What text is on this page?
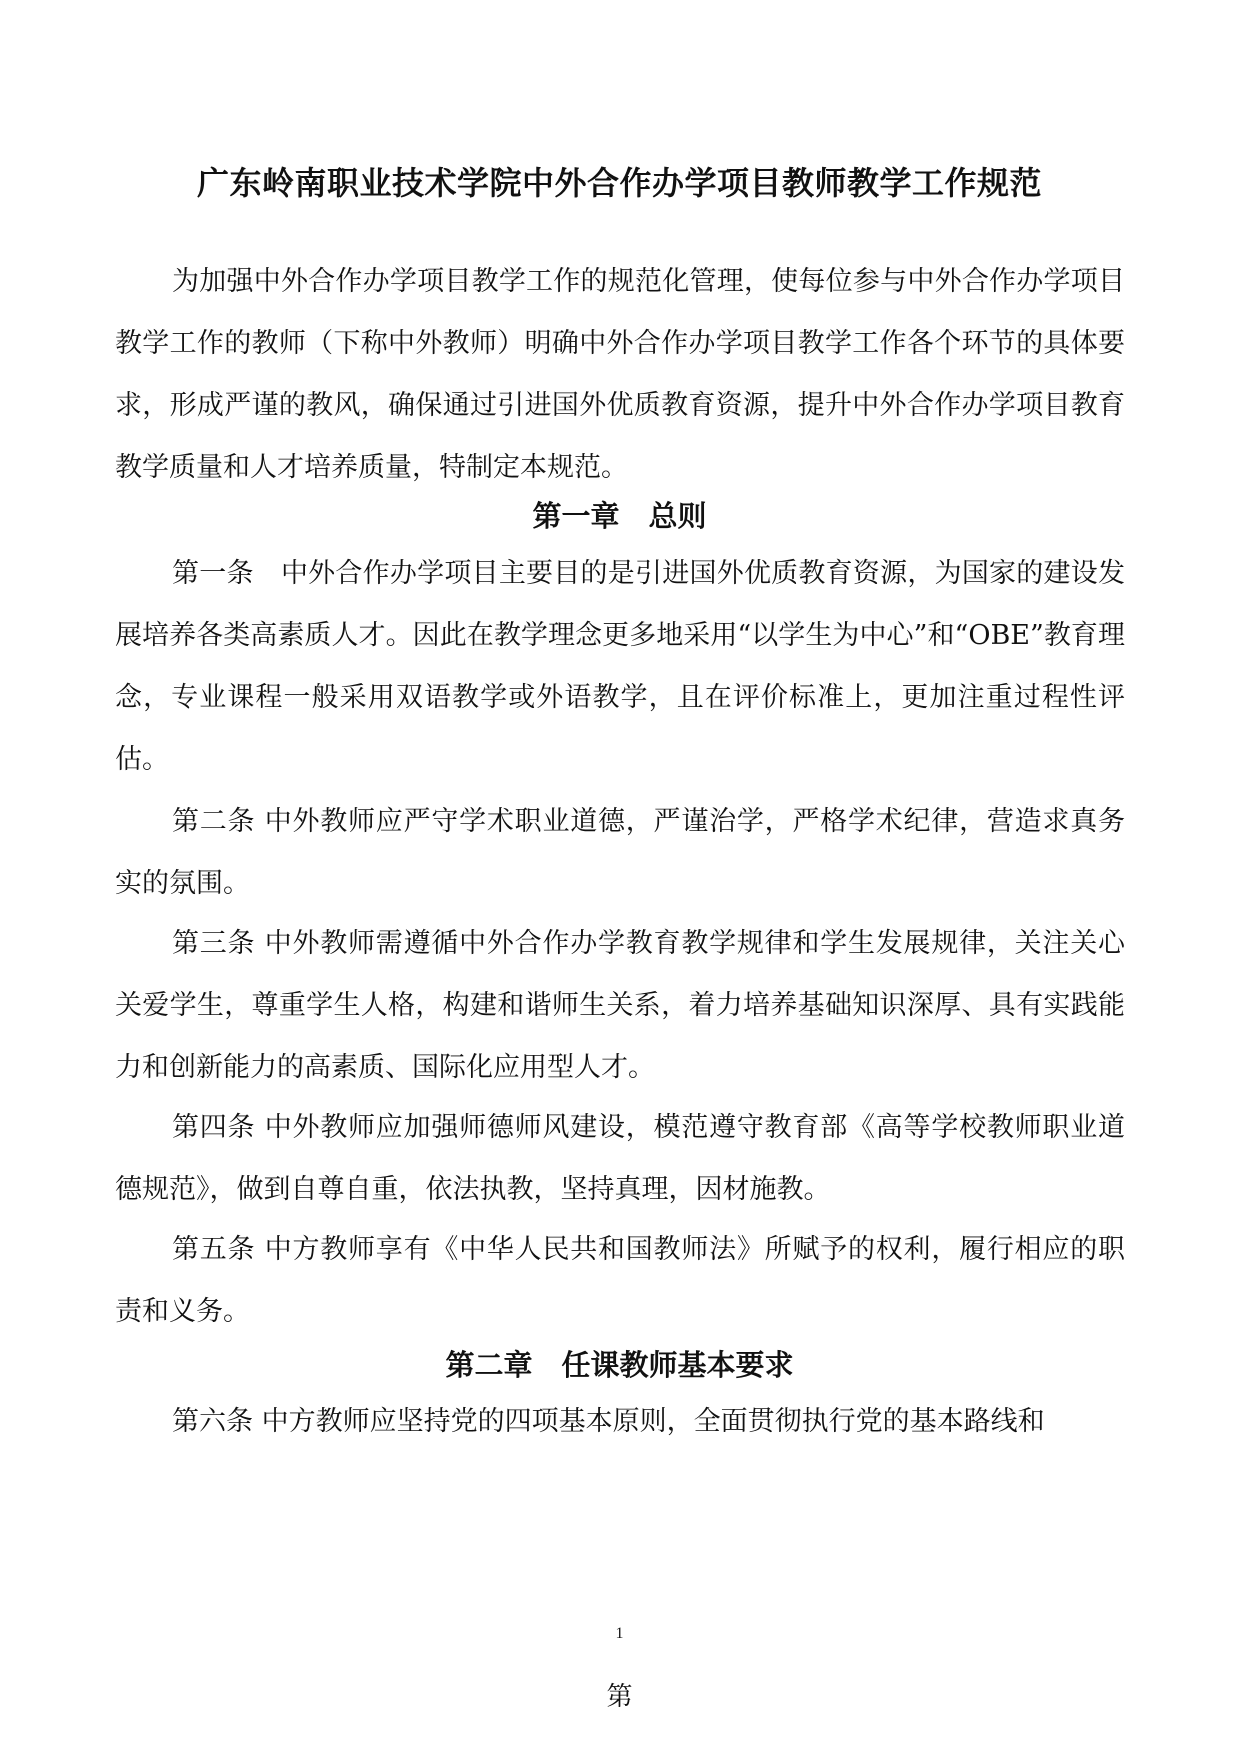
广东岭南职业技术学院中外合作办学项目教师教学工作规范

为加强中外合作办学项目教学工作的规范化管理，使每位参与中外合作办学项目教学工作的教师（下称中外教师）明确中外合作办学项目教学工作各个环节的具体要求，形成严谨的教风，确保通过引进国外优质教育资源，提升中外合作办学项目教育教学质量和人才培养质量，特制定本规范。

第一章　总则

第一条　中外合作办学项目主要目的是引进国外优质教育资源，为国家的建设发展培养各类高素质人才。因此在教学理念更多地采用“以学生为中心”和“OBE”教育理念，专业课程一般采用双语教学或外语教学，且在评价标准上，更加注重过程性评估。

第二条 中外教师应严守学术职业道德，严谨治学，严格学术纪律，营造求真务实的氛围。

第三条 中外教师需遵循中外合作办学教育教学规律和学生发展规律，关注关心关爱学生，尊重学生人格，构建和谐师生关系，着力培养基础知识深厚、具有实践能力和创新能力的高素质、国际化应用型人才。

第四条 中外教师应加强师德师风建设，模范遵守教育部《高等学校教师职业道德规范》，做到自尊自重，依法执教，坚持真理，因材施教。

第五条 中方教师享有《中华人民共和国教师法》所赋予的权利，履行相应的职责和义务。

第二章　任课教师基本要求

第六条 中方教师应坚持党的四项基本原则，全面贯彻执行党的基本路线和

1
第
